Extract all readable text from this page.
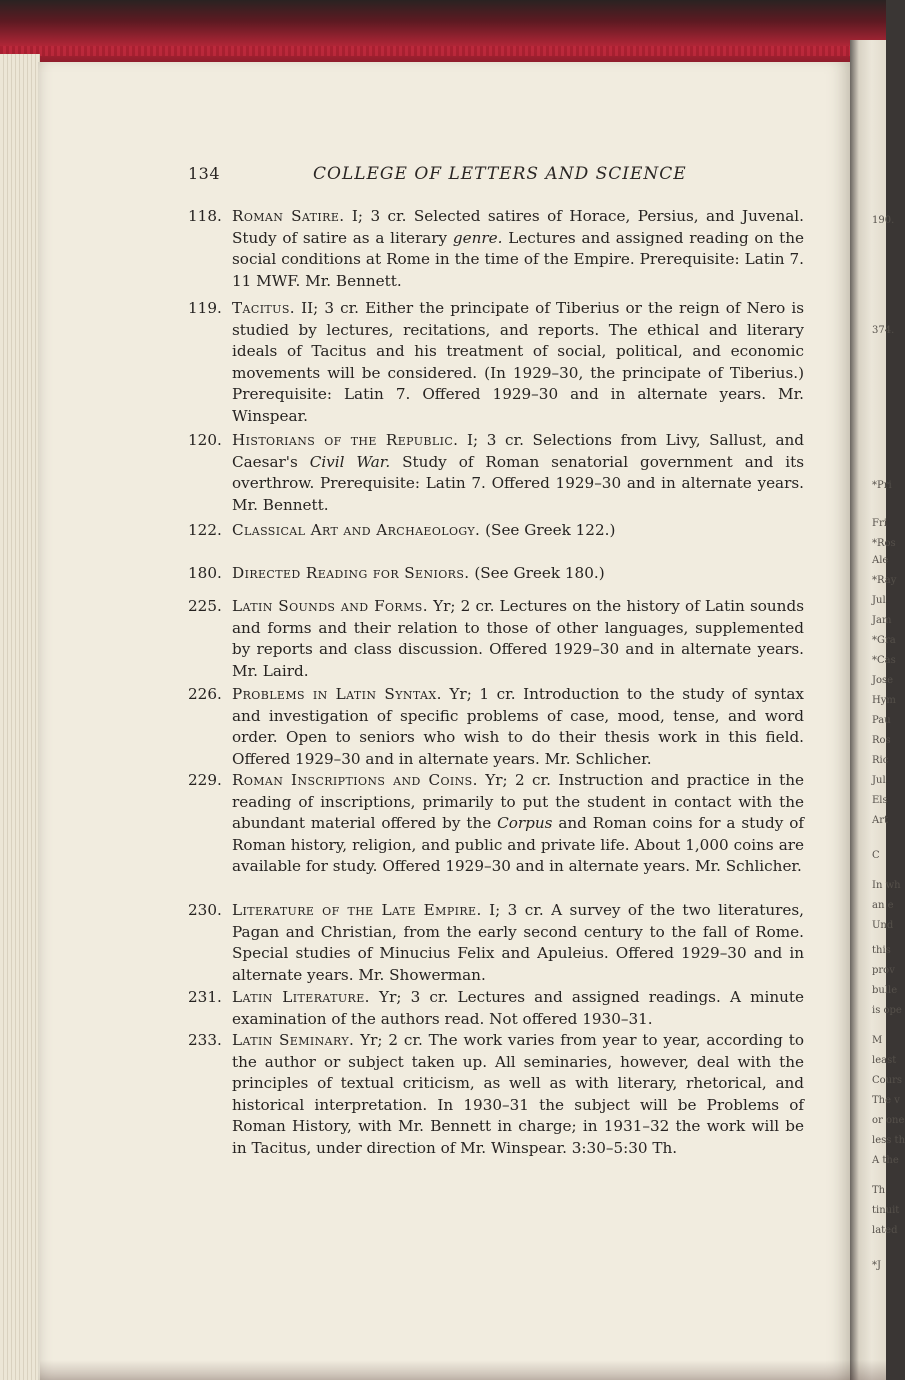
190.
374.
*Pri
Fri
*Ros
Ale
*Ray
Jul
Jam
*Gra
*Cas
Jose
Hym
Pau
Ros
Ric
Jul
Els
Art
C
In wh
an e
Und
this
prov
bulle
is ope
M
least
Cours
The v
or one
less th
A the
Th
tinuit
lated
*J
134	COLLEGE OF LETTERS AND SCIENCE
118. Roman Satire. I; 3 cr. Selected satires of Horace, Persius, and Juvenal. Study of satire as a literary genre. Lectures and assigned reading on the social conditions at Rome in the time of the Empire. Prerequisite: Latin 7. 11 MWF. Mr. Bennett.
119. Tacitus. II; 3 cr. Either the principate of Tiberius or the reign of Nero is studied by lectures, recitations, and reports. The ethical and literary ideals of Tacitus and his treatment of social, political, and economic movements will be considered. (In 1929–30, the principate of Tiberius.) Prerequisite: Latin 7. Offered 1929–30 and in alternate years. Mr. Winspear.
120. Historians of the Republic. I; 3 cr. Selections from Livy, Sallust, and Caesar's Civil War. Study of Roman senatorial government and its overthrow. Prerequisite: Latin 7. Offered 1929–30 and in alternate years. Mr. Bennett.
122. Classical Art and Archaeology. (See Greek 122.)
180. Directed Reading for Seniors. (See Greek 180.)
225. Latin Sounds and Forms. Yr; 2 cr. Lectures on the history of Latin sounds and forms and their relation to those of other languages, supplemented by reports and class discussion. Offered 1929–30 and in alternate years. Mr. Laird.
226. Problems in Latin Syntax. Yr; 1 cr. Introduction to the study of syntax and investigation of specific problems of case, mood, tense, and word order. Open to seniors who wish to do their thesis work in this field. Offered 1929–30 and in alternate years. Mr. Schlicher.
229. Roman Inscriptions and Coins. Yr; 2 cr. Instruction and practice in the reading of inscriptions, primarily to put the student in contact with the abundant material offered by the Corpus and Roman coins for a study of Roman history, religion, and public and private life. About 1,000 coins are available for study. Offered 1929–30 and in alternate years. Mr. Schlicher.
230. Literature of the Late Empire. I; 3 cr. A survey of the two literatures, Pagan and Christian, from the early second century to the fall of Rome. Special studies of Minucius Felix and Apuleius. Offered 1929–30 and in alternate years. Mr. Showerman.
231. Latin Literature. Yr; 3 cr. Lectures and assigned readings. A minute examination of the authors read. Not offered 1930–31.
233. Latin Seminary. Yr; 2 cr. The work varies from year to year, according to the author or subject taken up. All seminaries, however, deal with the principles of textual criticism, as well as with literary, rhetorical, and historical interpretation. In 1930–31 the subject will be Problems of Roman History, with Mr. Bennett in charge; in 1931–32 the work will be in Tacitus, under direction of Mr. Winspear. 3:30–5:30 Th.
